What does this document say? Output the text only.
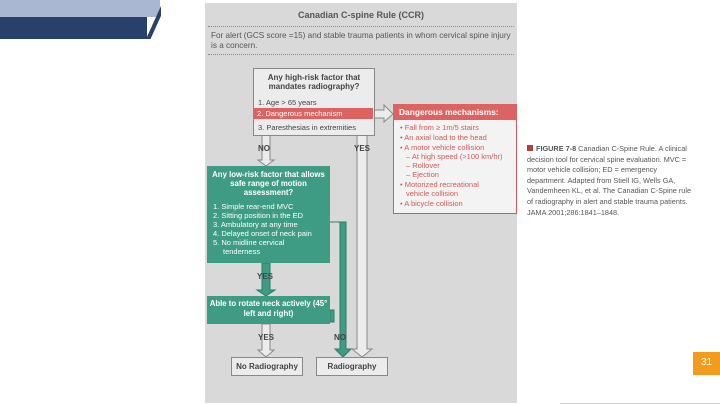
Canadian C-spine Rule (CCR)
For alert (GCS score =15) and stable trauma patients in whom cervical spine injury is a concern.
Any high-risk factor that mandates radiography?
1. Age > 65 years
3. Paresthesias in extremities
2. Dangerous mechanism
• Fall from ≥ 1m/5 stairs
• An axial load to the head
• A motor vehicle collision
– At high speed (>100 km/hr)
– Rollover
– Ejection
• Motorized recreational
vehicle collision
• A bicycle collision
Dangerous mechanisms:
NO	YES
YES
YES	NO
Any low-risk factor that allows safe range of motion assessment?
1. Simple rear-end MVC
2. Sitting position in the ED
3. Ambulatory at any time
4. Delayed onset of neck pain
5. No midline cervical
tenderness
Able to rotate neck actively (45° left and right)
No Radiography	Radiography
FIGURE 7-8 Canadian C-Spine Rule. A clinical decision tool for cervical spine evaluation. MVC = motor vehicle collision; ED = emergency department. Adapted from Stiell IG, Wells GA, Vandemheen KL, et al. The Canadian C-Spine rule of radiography in alert and stable trauma patients. JAMA 2001;286:1841–1848.
31
